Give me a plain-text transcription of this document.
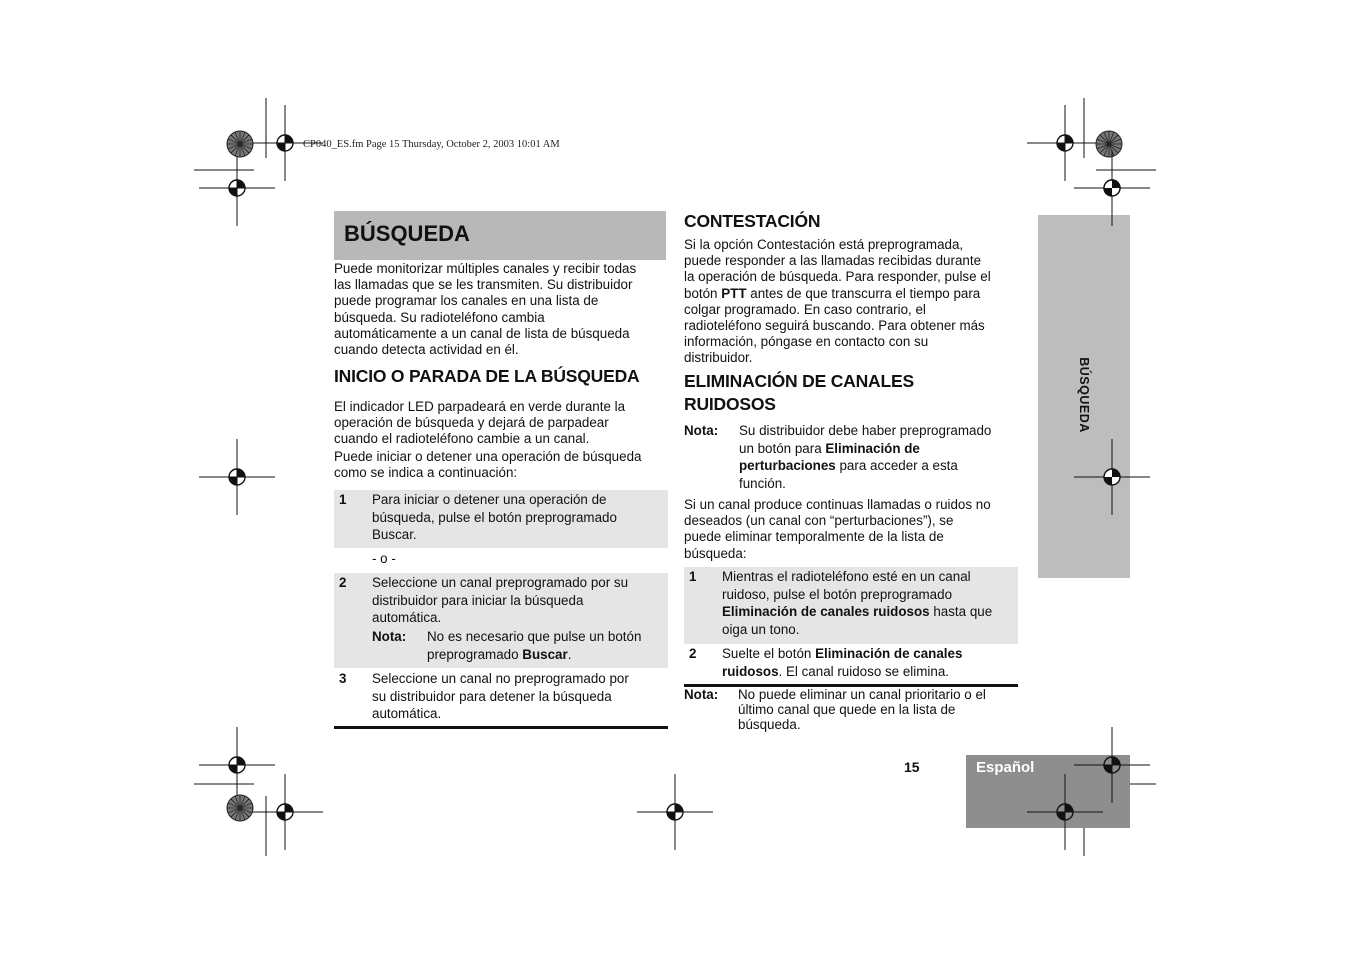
CP040_ES.fm Page 15 Thursday, October 2, 2003 10:01 AM
BÚSQUEDA
Puede monitorizar múltiples canales y recibir todas
las llamadas que se les transmiten. Su distribuidor
puede programar los canales en una lista de
búsqueda. Su radioteléfono cambia
automáticamente a un canal de lista de búsqueda
cuando detecta actividad en él.
INICIO O PARADA DE LA BÚSQUEDA
El indicador LED parpadeará en verde durante la
operación de búsqueda y dejará de parpadear
cuando el radioteléfono cambie a un canal.
Puede iniciar o detener una operación de búsqueda
como se indica a continuación:
1 Para iniciar o detener una operación de
búsqueda, pulse el botón preprogramado
Buscar.
- o -
2 Seleccione un canal preprogramado por su
distribuidor para iniciar la búsqueda
automática.
Nota: No es necesario que pulse un botón
preprogramado Buscar.
3 Seleccione un canal no preprogramado por
su distribuidor para detener la búsqueda
automática.
CONTESTACIÓN
Si la opción Contestación está preprogramada,
puede responder a las llamadas recibidas durante
la operación de búsqueda. Para responder, pulse el
botón PTT antes de que transcurra el tiempo para
colgar programado. En caso contrario, el
radioteléfono seguirá buscando. Para obtener más
información, póngase en contacto con su
distribuidor.
ELIMINACIÓN DE CANALES
RUIDOSOS
Nota: Su distribuidor debe haber preprogramado
un botón para Eliminación de
perturbaciones para acceder a esta
función.
Si un canal produce continuas llamadas o ruidos no
deseados (un canal con “perturbaciones”), se
puede eliminar temporalmente de la lista de
búsqueda:
1 Mientras el radioteléfono esté en un canal
ruidoso, pulse el botón preprogramado
Eliminación de canales ruidosos hasta que
oiga un tono.
2 Suelte el botón Eliminación de canales
ruidosos. El canal ruidoso se elimina.
Nota: No puede eliminar un canal prioritario o el
último canal que quede en la lista de
búsqueda.
BÚSQUEDA
15	Español
